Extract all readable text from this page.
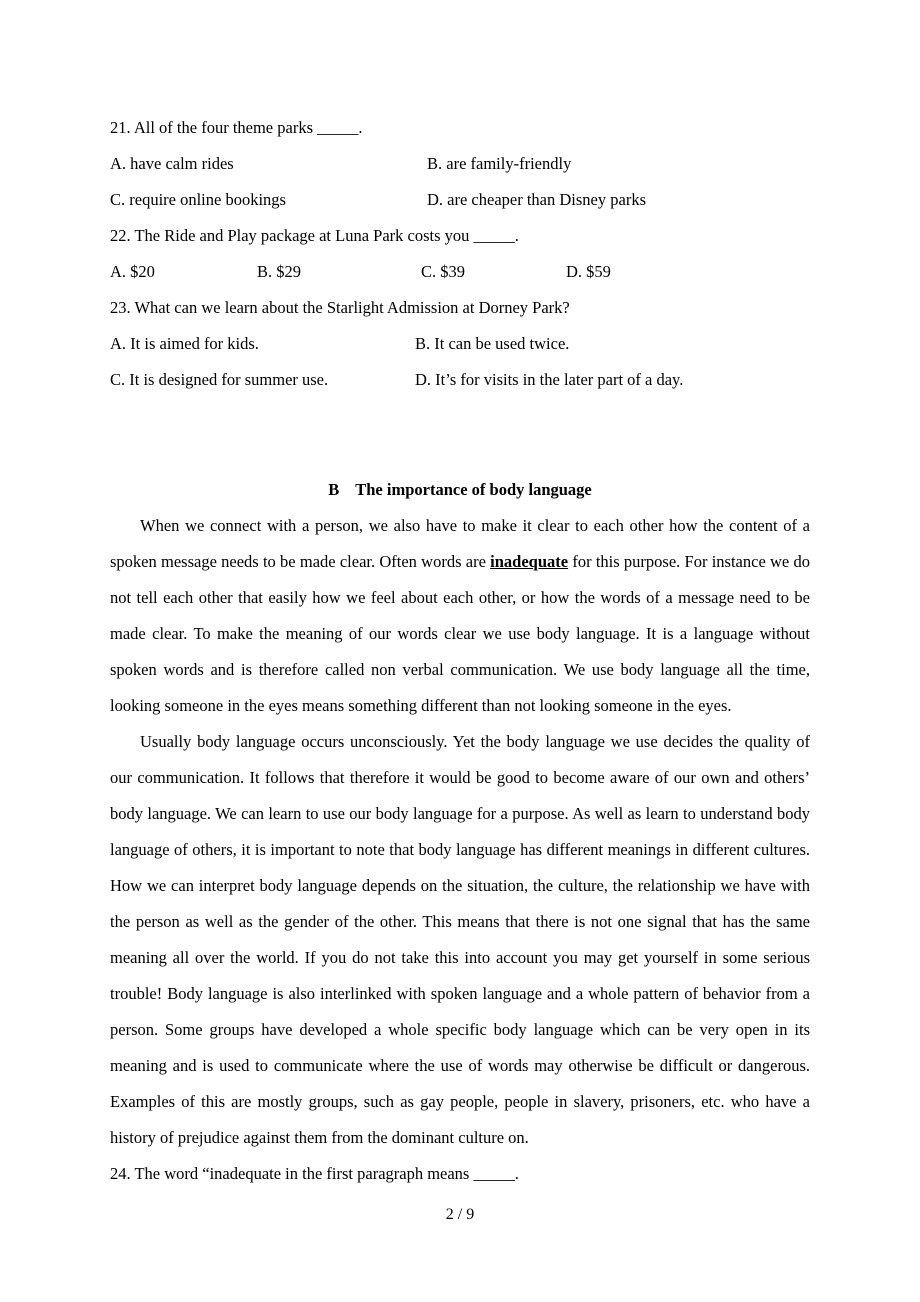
21. All of the four theme parks _____.

A. have calm rides	B. are family-friendly
C. require online bookings	D. are cheaper than Disney parks

22. The Ride and Play package at Luna Park costs you _____.

A. $20	B. $29	C. $39	D. $59

23. What can we learn about the Starlight Admission at Dorney Park?

A. It is aimed for kids.	B. It can be used twice.
C. It is designed for summer use.	D. It’s for visits in the later part of a day.

B The importance of body language

When we connect with a person, we also have to make it clear to each other how the content of a spoken message needs to be made clear. Often words are inadequate for this purpose. For instance we do not tell each other that easily how we feel about each other, or how the words of a message need to be made clear. To make the meaning of our words clear we use body language. It is a language without spoken words and is therefore called non verbal communication. We use body language all the time, looking someone in the eyes means something different than not looking someone in the eyes.

Usually body language occurs unconsciously. Yet the body language we use decides the quality of our communication. It follows that therefore it would be good to become aware of our own and others’ body language. We can learn to use our body language for a purpose. As well as learn to understand body language of others, it is important to note that body language has different meanings in different cultures. How we can interpret body language depends on the situation, the culture, the relationship we have with the person as well as the gender of the other. This means that there is not one signal that has the same meaning all over the world. If you do not take this into account you may get yourself in some serious trouble! Body language is also interlinked with spoken language and a whole pattern of behavior from a person. Some groups have developed a whole specific body language which can be very open in its meaning and is used to communicate where the use of words may otherwise be difficult or dangerous. Examples of this are mostly groups, such as gay people, people in slavery, prisoners, etc. who have a history of prejudice against them from the dominant culture on.

24. The word “inadequate in the first paragraph means _____.

2 / 9
